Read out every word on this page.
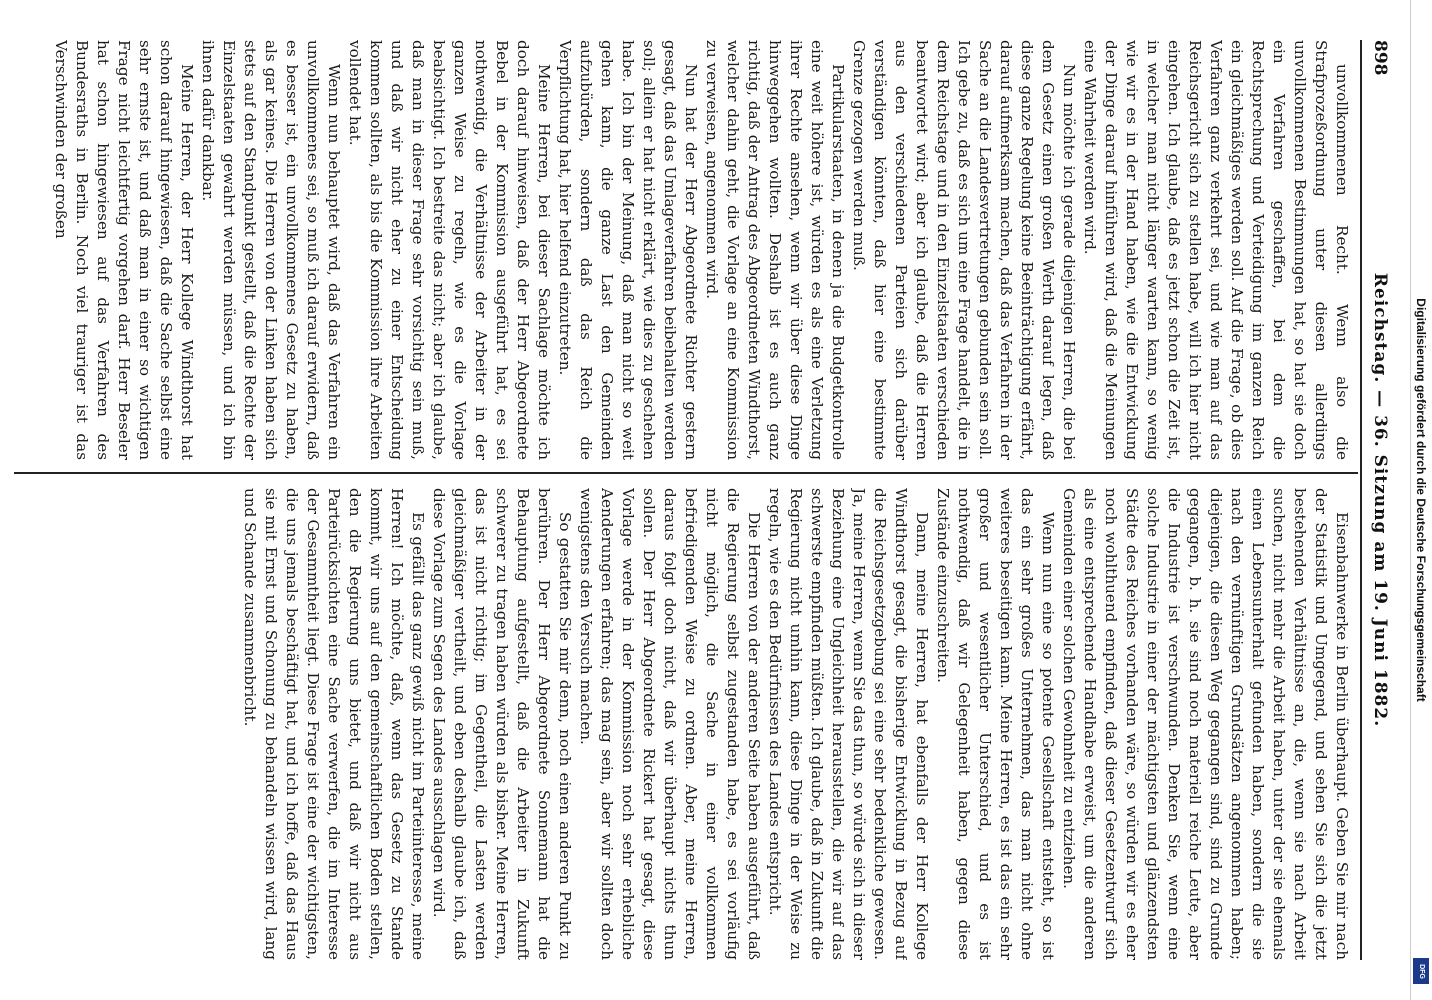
898
Reichstag. — 36. Sitzung am 19. Juni 1882.

unvollkommenen Recht. Wenn also die Strafprozeßordnung unter diesen allerdings unvollkommenen Bestimmungen hat, so hat sie doch ein Verfahren geschaffen, bei dem die Rechtsprechung und Verteidigung im ganzen Reich ein gleichmäßiges werden soll. Auf die Frage, ob dies Verfahren ganz verkehrt sei, und wie man auf das Reichsgericht sich zu stellen habe, will ich hier nicht eingehen. Ich glaube, daß es jetzt schon die Zeit ist, in welcher man nicht länger warten kann, so wenig wie wir es in der Hand haben, wie die Entwicklung der Dinge darauf hinführen wird, daß die Meinungen eine Wahrheit werden wird.

Nun möchte ich gerade diejenigen Herren, die bei dem Gesetz einen großen Werth darauf legen, daß diese ganze Regelung keine Beeinträchtigung erfährt, darauf aufmerksam machen, daß das Verfahren in der Sache an die Landesvertretungen gebunden sein soll. Ich gebe zu, daß es sich um eine Frage handelt, die in dem Reichstage und in den Einzelstaaten verschieden beantwortet wird; aber ich glaube, daß die Herren aus den verschiedenen Parteien sich darüber verständigen könnten, daß hier eine bestimmte Grenze gezogen werden muß.

Partikularstaaten, in denen ja die Budgetkontrolle eine weit höhere ist, würden es als eine Verletzung ihrer Rechte ansehen, wenn wir über diese Dinge hinweggehen wollten. Deshalb ist es auch ganz richtig, daß der Antrag des Abgeordneten Windthorst, welcher dahin geht, die Vorlage an eine Kommission zu verweisen, angenommen wird.

Nun hat der Herr Abgeordnete Richter gestern gesagt, daß das Umlageverfahren beibehalten werden soll; allein er hat nicht erklärt, wie dies zu geschehen habe. Ich bin der Meinung, daß man nicht so weit gehen kann, die ganze Last den Gemeinden aufzubürden, sondern daß das Reich die Verpflichtung hat, hier helfend einzutreten.

Meine Herren, bei dieser Sachlage möchte ich doch darauf hinweisen, daß der Herr Abgeordnete Bebel in der Kommission ausgeführt hat, es sei nothwendig, die Verhältnisse der Arbeiter in der ganzen Weise zu regeln, wie es die Vorlage beabsichtigt. Ich bestreite das nicht; aber ich glaube, daß man in dieser Frage sehr vorsichtig sein muß, und daß wir nicht eher zu einer Entscheidung kommen sollten, als bis die Kommission ihre Arbeiten vollendet hat.

Wenn nun behauptet wird, daß das Verfahren ein unvollkommenes sei, so muß ich darauf erwidern, daß es besser ist, ein unvollkommenes Gesetz zu haben, als gar keines. Die Herren von der Linken haben sich stets auf den Standpunkt gestellt, daß die Rechte der Einzelstaaten gewahrt werden müssen, und ich bin ihnen dafür dankbar.

Meine Herren, der Herr Kollege Windthorst hat schon darauf hingewiesen, daß die Sache selbst eine sehr ernste ist, und daß man in einer so wichtigen Frage nicht leichtfertig vorgehen darf. Herr Beseler hat schon hingewiesen auf das Verfahren des Bundesraths in Berlin. Noch viel trauriger ist das Verschwinden der großen

Eisenbahnwerke in Berlin überhaupt. Geben Sie mir nach der Statistik und Umgegend, und sehen Sie sich die jetzt bestehenden Verhältnisse an, die, wenn sie nach Arbeit suchen, nicht mehr die Arbeit haben, unter der sie ehemals einen Lebensunterhalt gefunden haben, sondern die sie nach den vernünftigen Grundsätzen angenommen haben; diejenigen, die diesen Weg gegangen sind, sind zu Grunde gegangen, b. h. sie sind noch materiell reiche Leute, aber die Industrie ist verschwunden. Denken Sie, wenn eine solche Industrie in einer der mächtigsten und glänzendsten Städte des Reiches vorhanden wäre, so würden wir es eher noch wohlthuend empfinden, daß dieser Gesetzentwurf sich als eine entsprechende Handhabe erweist, um die anderen Gemeinden einer solchen Gewohnheit zu entziehen.

Wenn nun eine so potente Gesellschaft entsteht, so ist das ein sehr großes Unternehmen, das man nicht ohne weiteres beseitigen kann. Meine Herren, es ist das ein sehr großer und wesentlicher Unterschied, und es ist nothwendig, daß wir Gelegenheit haben, gegen diese Zustände einzuschreiten.

Dann, meine Herren, hat ebenfalls der Herr Kollege Windthorst gesagt, die bisherige Entwicklung in Bezug auf die Reichsgesetzgebung sei eine sehr bedenkliche gewesen. Ja, meine Herren, wenn Sie das thun, so würde sich in dieser Beziehung eine Ungleichheit herausstellen, die wir auf das schwerste empfinden müßten. Ich glaube, daß in Zukunft die Regierung nicht umhin kann, diese Dinge in der Weise zu regeln, wie es den Bedürfnissen des Landes entspricht.

Die Herren von der anderen Seite haben ausgeführt, daß die Regierung selbst zugestanden habe, es sei vorläufig nicht möglich, die Sache in einer vollkommen befriedigenden Weise zu ordnen. Aber, meine Herren, daraus folgt doch nicht, daß wir überhaupt nichts thun sollen. Der Herr Abgeordnete Rickert hat gesagt, diese Vorlage werde in der Kommission noch sehr erhebliche Aenderungen erfahren; das mag sein, aber wir sollten doch wenigstens den Versuch machen.

So gestatten Sie mir denn, noch einen anderen Punkt zu berühren. Der Herr Abgeordnete Sonnemann hat die Behauptung aufgestellt, daß die Arbeiter in Zukunft schwerer zu tragen haben würden als bisher. Meine Herren, das ist nicht richtig; im Gegentheil, die Lasten werden gleichmäßiger vertheilt, und eben deshalb glaube ich, daß diese Vorlage zum Segen des Landes ausschlagen wird.

Es gefällt das ganz gewiß nicht im Parteiinteresse, meine Herren! Ich möchte, daß, wenn das Gesetz zu Stande kommt, wir uns auf den gemeinschaftlichen Boden stellen, den die Regierung uns bietet, und daß wir nicht aus Parteirücksichten eine Sache verwerfen, die im Interesse der Gesammtheit liegt. Diese Frage ist eine der wichtigsten, die uns jemals beschäftigt hat, und ich hoffe, daß das Haus sie mit Ernst und Schonung zu behandeln wissen wird, lang und Schande zusammenbricht.	Digitalisierung gefördert durch die Deutsche Forschungsgemeinschaft
DFG
